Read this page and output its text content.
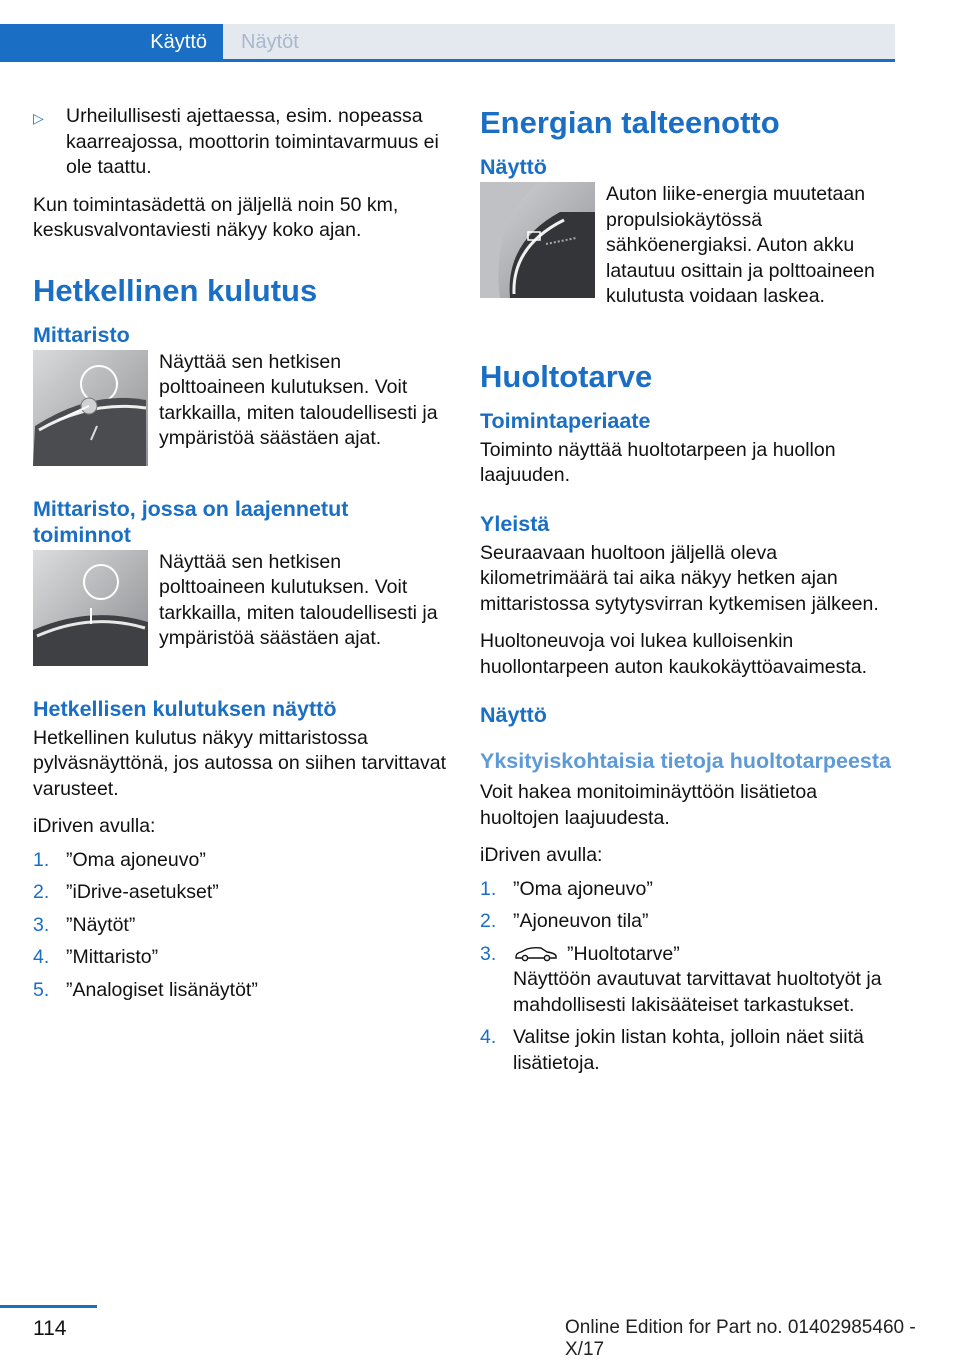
Käyttö	Näytöt
▷	Urheilullisesti ajettaessa, esim. nopeassa kaarreajossa, moottorin toimintavarmuus ei ole taattu.

Kun toimintasädettä on jäljellä noin 50 km, keskusvalvontaviesti näkyy koko ajan.

Hetkellinen kulutus
Mittaristo

Näyttää sen hetkisen polttoaineen kulutuksen. Voit tarkkailla, miten taloudellisesti ja ympäristöä säästäen ajat.

Mittaristo, jossa on laajennetut toiminnot

Näyttää sen hetkisen polttoaineen kulutuksen. Voit tarkkailla, miten taloudellisesti ja ympäristöä säästäen ajat.

Hetkellisen kulutuksen näyttö

Hetkellinen kulutus näkyy mittaristossa pylväsnäyttönä, jos autossa on siihen tarvittavat varusteet.

iDriven avulla:

1. ”Oma ajoneuvo”
2. ”iDrive-asetukset”
3. ”Näytöt”
4. ”Mittaristo”
5. ”Analogiset lisänäytöt”
Energian talteenotto
Näyttö

Auton liike-energia muutetaan propulsiokäytössä sähköenergiaksi. Auton akku latautuu osittain ja polttoaineen kulutusta voidaan laskea.

Huoltotarve
Toimintaperiaate

Toiminto näyttää huoltotarpeen ja huollon laajuuden.

Yleistä

Seuraavaan huoltoon jäljellä oleva kilometrimäärä tai aika näkyy hetken ajan mittaristossa sytytysvirran kytkemisen jälkeen.

Huoltoneuvoja voi lukea kulloisenkin huollontarpeen auton kaukokäyttöavaimesta.

Näyttö
Yksityiskohtaisia tietoja huoltotarpeesta

Voit hakea monitoiminäyttöön lisätietoa huoltojen laajuudesta.

iDriven avulla:

1. ”Oma ajoneuvo”
2. ”Ajoneuvon tila”
3.	”Huoltotarve”
Näyttöön avautuvat tarvittavat huoltotyöt ja mahdollisesti lakisääteiset tarkastukset.
4. Valitse jokin listan kohta, jolloin näet siitä lisätietoja.
114	Online Edition for Part no. 01402985460 - X/17
